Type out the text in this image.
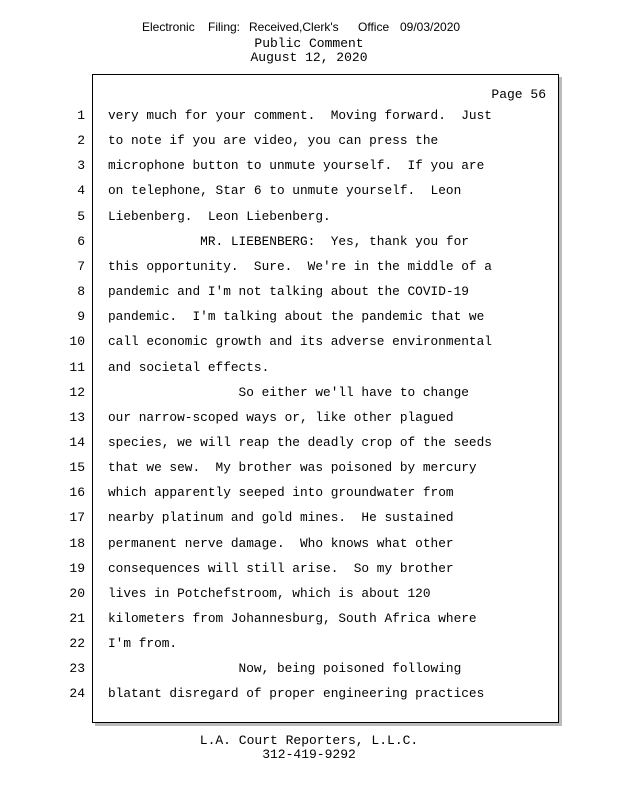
Electronic Filing: Received,Clerk's Office 09/03/2020
Public Comment
August 12, 2020
Page 56
1 very much for your comment.  Moving forward.  Just
2 to note if you are video, you can press the
3 microphone button to unmute yourself.  If you are
4 on telephone, Star 6 to unmute yourself.  Leon
5 Liebenberg.  Leon Liebenberg.
6 MR. LIEBENBERG:  Yes, thank you for
7 this opportunity.  Sure.  We're in the middle of a
8 pandemic and I'm not talking about the COVID-19
9 pandemic.  I'm talking about the pandemic that we
10 call economic growth and its adverse environmental
11 and societal effects.
12 So either we'll have to change
13 our narrow-scoped ways or, like other plagued
14 species, we will reap the deadly crop of the seeds
15 that we sew.  My brother was poisoned by mercury
16 which apparently seeped into groundwater from
17 nearby platinum and gold mines.  He sustained
18 permanent nerve damage.  Who knows what other
19 consequences will still arise.  So my brother
20 lives in Potchefstroom, which is about 120
21 kilometers from Johannesburg, South Africa where
22 I'm from.
23 Now, being poisoned following
24 blatant disregard of proper engineering practices
L.A. Court Reporters, L.L.C.
312-419-9292
